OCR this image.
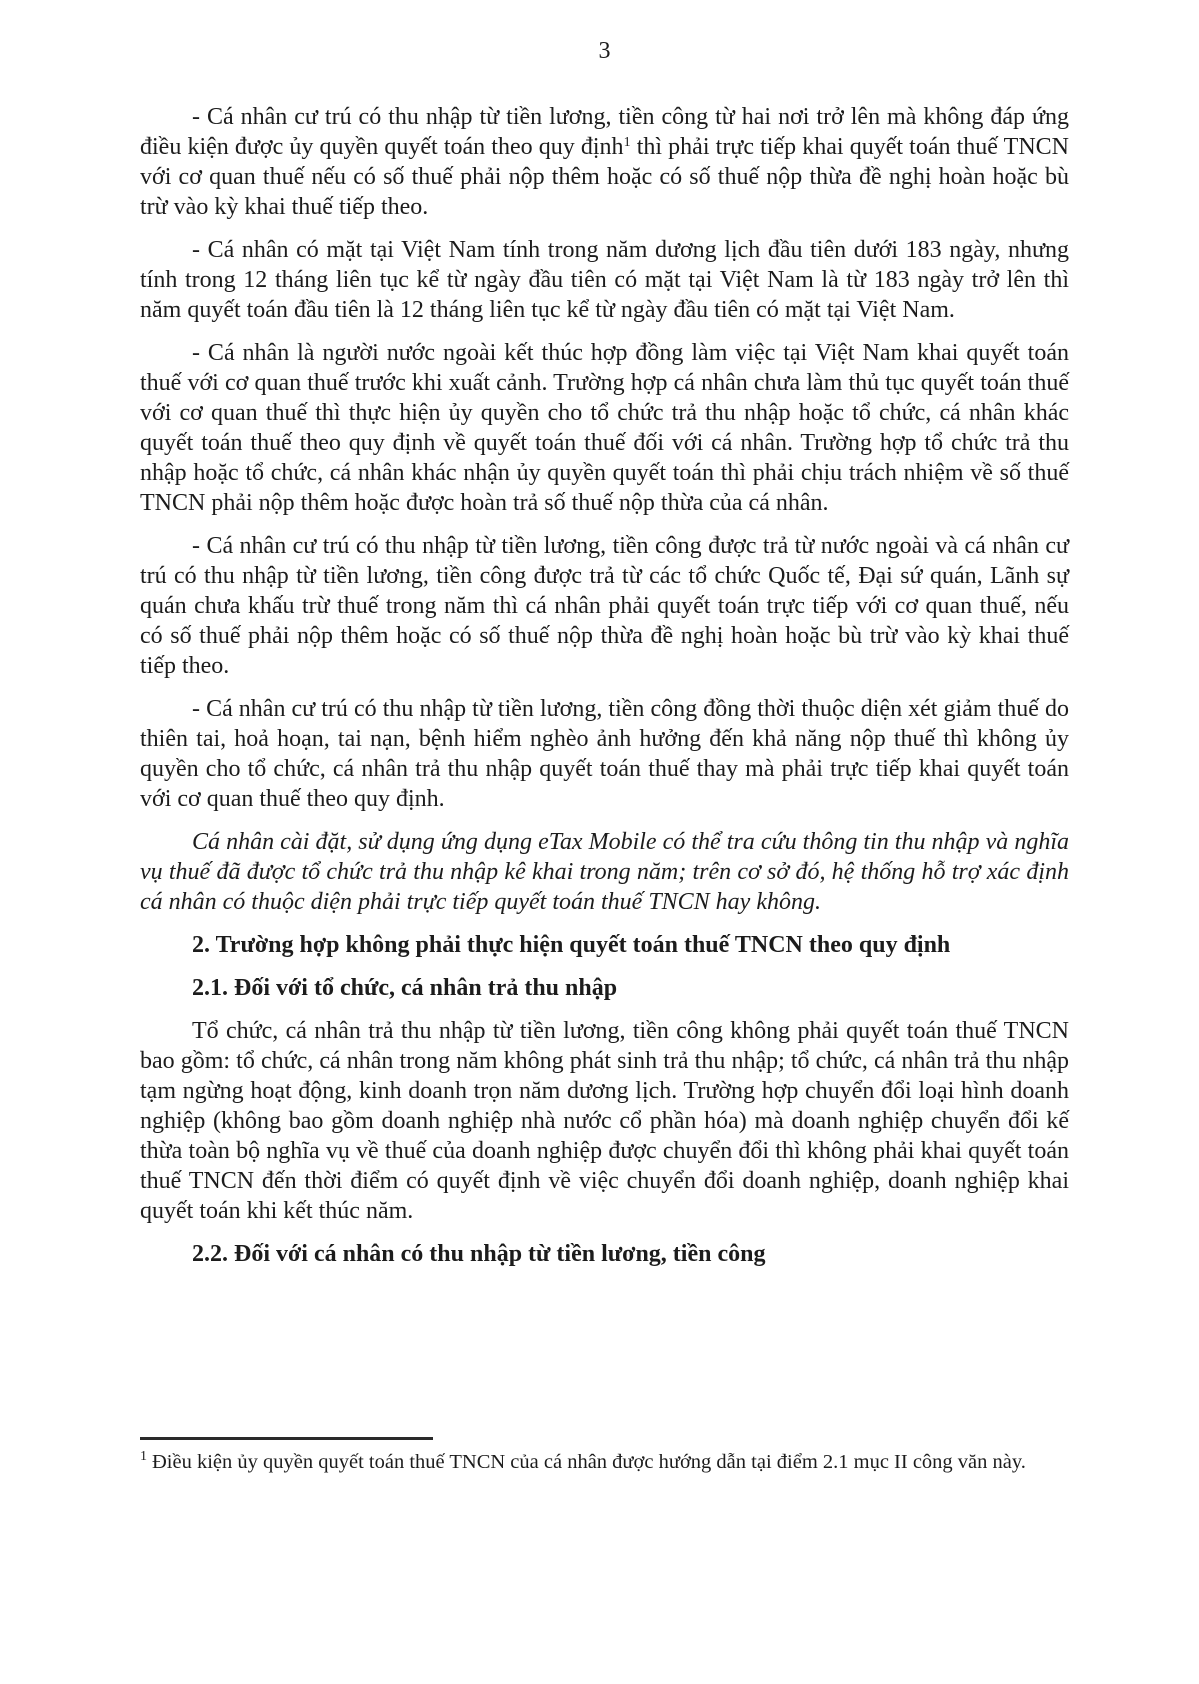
3

- Cá nhân cư trú có thu nhập từ tiền lương, tiền công từ hai nơi trở lên mà không đáp ứng điều kiện được ủy quyền quyết toán theo quy định$^1$ thì phải trực tiếp khai quyết toán thuế TNCN với cơ quan thuế nếu có số thuế phải nộp thêm hoặc có số thuế nộp thừa đề nghị hoàn hoặc bù trừ vào kỳ khai thuế tiếp theo.

- Cá nhân có mặt tại Việt Nam tính trong năm dương lịch đầu tiên dưới 183 ngày, nhưng tính trong 12 tháng liên tục kể từ ngày đầu tiên có mặt tại Việt Nam là từ 183 ngày trở lên thì năm quyết toán đầu tiên là 12 tháng liên tục kể từ ngày đầu tiên có mặt tại Việt Nam.

- Cá nhân là người nước ngoài kết thúc hợp đồng làm việc tại Việt Nam khai quyết toán thuế với cơ quan thuế trước khi xuất cảnh. Trường hợp cá nhân chưa làm thủ tục quyết toán thuế với cơ quan thuế thì thực hiện ủy quyền cho tổ chức trả thu nhập hoặc tổ chức, cá nhân khác quyết toán thuế theo quy định về quyết toán thuế đối với cá nhân. Trường hợp tổ chức trả thu nhập hoặc tổ chức, cá nhân khác nhận ủy quyền quyết toán thì phải chịu trách nhiệm về số thuế TNCN phải nộp thêm hoặc được hoàn trả số thuế nộp thừa của cá nhân.

- Cá nhân cư trú có thu nhập từ tiền lương, tiền công được trả từ nước ngoài và cá nhân cư trú có thu nhập từ tiền lương, tiền công được trả từ các tổ chức Quốc tế, Đại sứ quán, Lãnh sự quán chưa khấu trừ thuế trong năm thì cá nhân phải quyết toán trực tiếp với cơ quan thuế, nếu có số thuế phải nộp thêm hoặc có số thuế nộp thừa đề nghị hoàn hoặc bù trừ vào kỳ khai thuế tiếp theo.

- Cá nhân cư trú có thu nhập từ tiền lương, tiền công đồng thời thuộc diện xét giảm thuế do thiên tai, hoả hoạn, tai nạn, bệnh hiểm nghèo ảnh hưởng đến khả năng nộp thuế thì không ủy quyền cho tổ chức, cá nhân trả thu nhập quyết toán thuế thay mà phải trực tiếp khai quyết toán với cơ quan thuế theo quy định.

Cá nhân cài đặt, sử dụng ứng dụng eTax Mobile có thể tra cứu thông tin thu nhập và nghĩa vụ thuế đã được tổ chức trả thu nhập kê khai trong năm; trên cơ sở đó, hệ thống hỗ trợ xác định cá nhân có thuộc diện phải trực tiếp quyết toán thuế TNCN hay không.

2. Trường hợp không phải thực hiện quyết toán thuế TNCN theo quy định

2.1. Đối với tổ chức, cá nhân trả thu nhập

Tổ chức, cá nhân trả thu nhập từ tiền lương, tiền công không phải quyết toán thuế TNCN bao gồm: tổ chức, cá nhân trong năm không phát sinh trả thu nhập; tổ chức, cá nhân trả thu nhập tạm ngừng hoạt động, kinh doanh trọn năm dương lịch. Trường hợp chuyển đổi loại hình doanh nghiệp (không bao gồm doanh nghiệp nhà nước cổ phần hóa) mà doanh nghiệp chuyển đổi kế thừa toàn bộ nghĩa vụ về thuế của doanh nghiệp được chuyển đổi thì không phải khai quyết toán thuế TNCN đến thời điểm có quyết định về việc chuyển đổi doanh nghiệp, doanh nghiệp khai quyết toán khi kết thúc năm.

2.2. Đối với cá nhân có thu nhập từ tiền lương, tiền công

$^1$ Điều kiện ủy quyền quyết toán thuế TNCN của cá nhân được hướng dẫn tại điểm 2.1 mục II công văn này.
